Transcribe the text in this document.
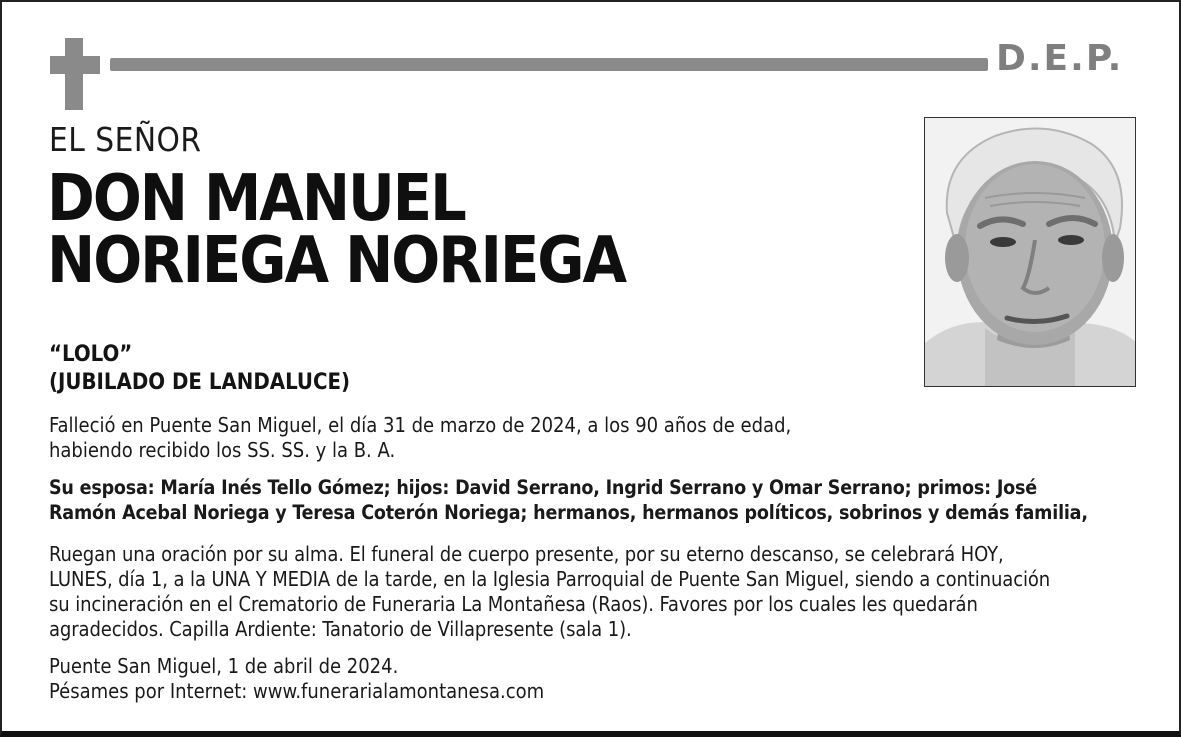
D.E.P.
EL SEÑOR
DON MANUEL
NORIEGA NORIEGA
“LOLO”
(JUBILADO DE LANDALUCE)
Falleció en Puente San Miguel, el día 31 de marzo de 2024, a los 90 años de edad,
habiendo recibido los SS. SS. y la B. A.
Su esposa: María Inés Tello Gómez; hijos: David Serrano, Ingrid Serrano y Omar Serrano; primos: José
Ramón Acebal Noriega y Teresa Coterón Noriega; hermanos, hermanos políticos, sobrinos y demás familia,
Ruegan una oración por su alma. El funeral de cuerpo presente, por su eterno descanso, se celebrará HOY,
LUNES, día 1, a la UNA Y MEDIA de la tarde, en la Iglesia Parroquial de Puente San Miguel, siendo a continuación
su incineración en el Crematorio de Funeraria La Montañesa (Raos). Favores por los cuales les quedarán
agradecidos. Capilla Ardiente: Tanatorio de Villapresente (sala 1).
Puente San Miguel, 1 de abril de 2024.
Pésames por Internet: www.funerarialamontanesa.com
